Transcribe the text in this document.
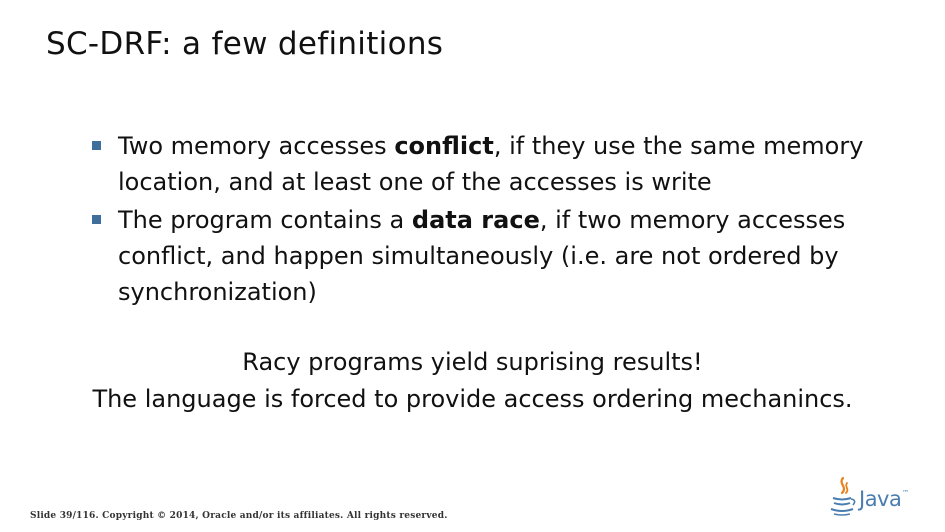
SC-DRF: a few definitions
Two memory accesses conflict, if they use the same memory location, and at least one of the accesses is write
The program contains a data race, if two memory accesses conflict, and happen simultaneously (i.e. are not ordered by synchronization)
Racy programs yield suprising results!
The language is forced to provide access ordering mechanincs.
Slide 39/116. Copyright © 2014, Oracle and/or its affiliates. All rights reserved.
Java ™
